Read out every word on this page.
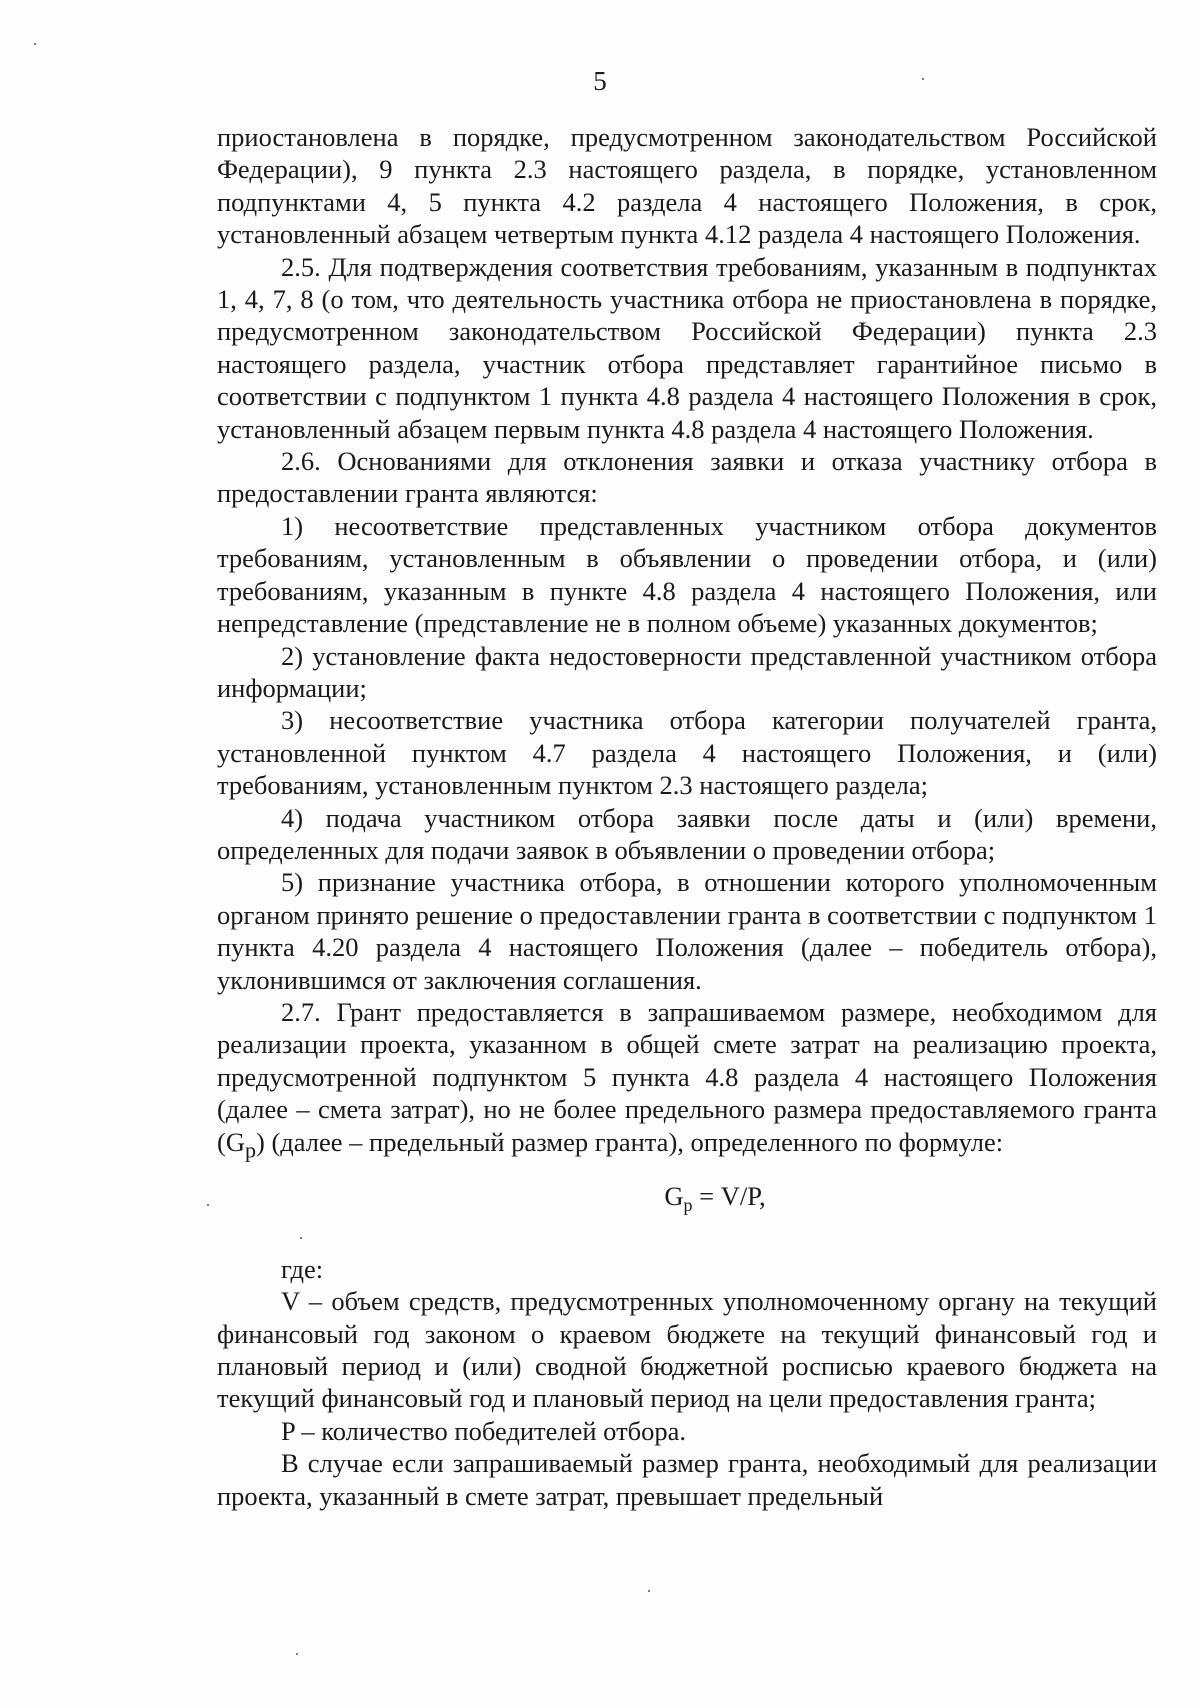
5

приостановлена в порядке, предусмотренном законодательством Российской Федерации), 9 пункта 2.3 настоящего раздела, в порядке, установленном подпунктами 4, 5 пункта 4.2 раздела 4 настоящего Положения, в срок, установленный абзацем четвертым пункта 4.12 раздела 4 настоящего Положения.

2.5. Для подтверждения соответствия требованиям, указанным в подпунктах 1, 4, 7, 8 (о том, что деятельность участника отбора не приостановлена в порядке, предусмотренном законодательством Российской Федерации) пункта 2.3 настоящего раздела, участник отбора представляет гарантийное письмо в соответствии с подпунктом 1 пункта 4.8 раздела 4 настоящего Положения в срок, установленный абзацем первым пункта 4.8 раздела 4 настоящего Положения.

2.6. Основаниями для отклонения заявки и отказа участнику отбора в предоставлении гранта являются:

1) несоответствие представленных участником отбора документов требованиям, установленным в объявлении о проведении отбора, и (или) требованиям, указанным в пункте 4.8 раздела 4 настоящего Положения, или непредставление (представление не в полном объеме) указанных документов;

2) установление факта недостоверности представленной участником отбора информации;

3) несоответствие участника отбора категории получателей гранта, установленной пунктом 4.7 раздела 4 настоящего Положения, и (или) требованиям, установленным пунктом 2.3 настоящего раздела;

4) подача участником отбора заявки после даты и (или) времени, определенных для подачи заявок в объявлении о проведении отбора;

5) признание участника отбора, в отношении которого уполномоченным органом принято решение о предоставлении гранта в соответствии с подпунктом 1 пункта 4.20 раздела 4 настоящего Положения (далее – победитель отбора), уклонившимся от заключения соглашения.

2.7. Грант предоставляется в запрашиваемом размере, необходимом для реализации проекта, указанном в общей смете затрат на реализацию проекта, предусмотренной подпунктом 5 пункта 4.8 раздела 4 настоящего Положения (далее – смета затрат), но не более предельного размера предоставляемого гранта $(G_р)$ (далее – предельный размер гранта), определенного по формуле:

$G_р = V/P$,

где:

V – объем средств, предусмотренных уполномоченному органу на текущий финансовый год законом о краевом бюджете на текущий финансовый год и плановый период и (или) сводной бюджетной росписью краевого бюджета на текущий финансовый год и плановый период на цели предоставления гранта;

P – количество победителей отбора.

В случае если запрашиваемый размер гранта, необходимый для реализации проекта, указанный в смете затрат, превышает предельный
